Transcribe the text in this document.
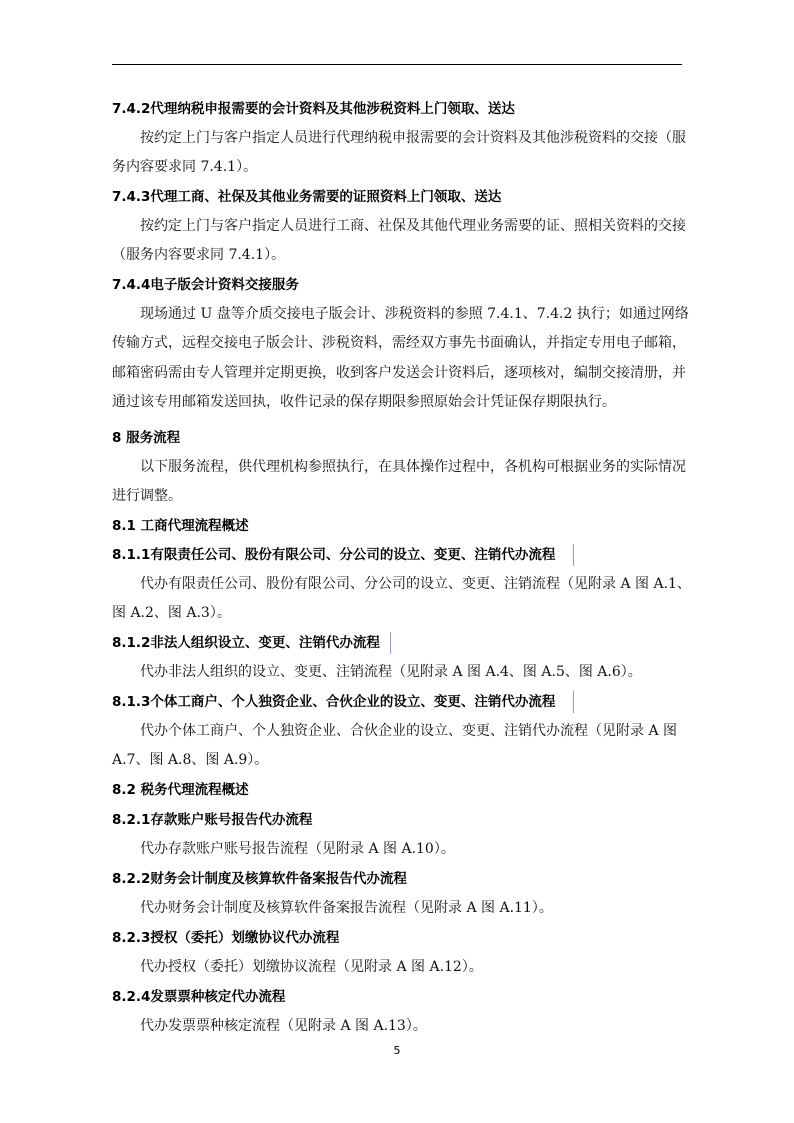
7.4.2代理纳税申报需要的会计资料及其他涉税资料上门领取、送达
按约定上门与客户指定人员进行代理纳税申报需要的会计资料及其他涉税资料的交接（服
务内容要求同 7.4.1）。
7.4.3代理工商、社保及其他业务需要的证照资料上门领取、送达
按约定上门与客户指定人员进行工商、社保及其他代理业务需要的证、照相关资料的交接
（服务内容要求同 7.4.1）。
7.4.4电子版会计资料交接服务
现场通过 U 盘等介质交接电子版会计、涉税资料的参照 7.4.1、7.4.2 执行；如通过网络
传输方式，远程交接电子版会计、涉税资料，需经双方事先书面确认，并指定专用电子邮箱，
邮箱密码需由专人管理并定期更换，收到客户发送会计资料后，逐项核对，编制交接清册，并
通过该专用邮箱发送回执，收件记录的保存期限参照原始会计凭证保存期限执行。
8 服务流程
以下服务流程，供代理机构参照执行，在具体操作过程中，各机构可根据业务的实际情况
进行调整。
8.1 工商代理流程概述
8.1.1有限责任公司、股份有限公司、分公司的设立、变更、注销代办流程
代办有限责任公司、股份有限公司、分公司的设立、变更、注销流程（见附录 A 图 A.1、
图 A.2、图 A.3）。
8.1.2非法人组织设立、变更、注销代办流程
代办非法人组织的设立、变更、注销流程（见附录 A 图 A.4、图 A.5、图 A.6）。
8.1.3个体工商户、个人独资企业、合伙企业的设立、变更、注销代办流程
代办个体工商户、个人独资企业、合伙企业的设立、变更、注销代办流程（见附录 A 图
A.7、图 A.8、图 A.9）。
8.2 税务代理流程概述
8.2.1存款账户账号报告代办流程
代办存款账户账号报告流程（见附录 A 图 A.10）。
8.2.2财务会计制度及核算软件备案报告代办流程
代办财务会计制度及核算软件备案报告流程（见附录 A 图 A.11）。
8.2.3授权（委托）划缴协议代办流程
代办授权（委托）划缴协议流程（见附录 A 图 A.12）。
8.2.4发票票种核定代办流程
代办发票票种核定流程（见附录 A 图 A.13）。
5
